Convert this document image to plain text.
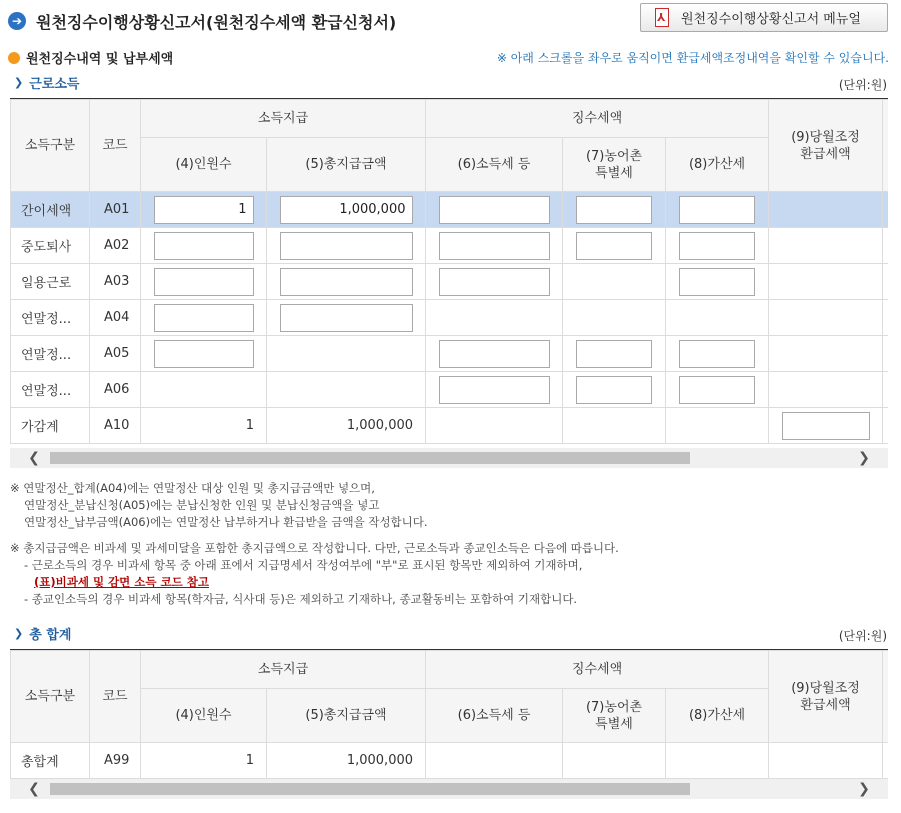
➔ 원천징수이행상황신고서(원천징수세액 환급신청서)	⅄ 원천징수이행상황신고서 메뉴얼
원천징수내역 및 납부세액	※ 아래 스크롤을 좌우로 움직이면 환급세액조정내역을 확인할 수 있습니다.
❯ 근로소득	(단위:원)
소득구분	코드	소득지급		징수세액			(9)당월조정
환급세액	
		(4)인원수	(5)총지급금액	(6)소득세 등	(7)농어촌
특별세	(8)가산세		
간이세액	A01	1	1,000,000					
중도퇴사	A02							
일용근로	A03							
연말정...	A04							
연말정...	A05							
연말정...	A06							
가감계	A10	1	1,000,000					
❮	❯
※ 연말정산_합계(A04)에는 연말정산 대상 인원 및 총지급금액만 넣으며,
연말정산_분납신청(A05)에는 분납신청한 인원 및 분납신청금액을 넣고
연말정산_납부금액(A06)에는 연말정산 납부하거나 환급받을 금액을 작성합니다.
※ 총지급금액은 비과세 및 과세미달을 포함한 총지급액으로 작성합니다. 다만, 근로소득과 종교인소득은 다음에 따릅니다.
- 근로소득의 경우 비과세 항목 중 아래 표에서 지급명세서 작성여부에 "부"로 표시된 항목만 제외하여 기재하며,
(표)비과세 및 감면 소득 코드 참고
- 종교인소득의 경우 비과세 항목(학자금, 식사대 등)은 제외하고 기재하나, 종교활동비는 포함하여 기재합니다.
❯ 총 합계	(단위:원)
소득구분	코드	소득지급		징수세액			(9)당월조정
환급세액	
		(4)인원수	(5)총지급금액	(6)소득세 등	(7)농어촌
특별세	(8)가산세		
총합계	A99	1	1,000,000					
❮	❯
